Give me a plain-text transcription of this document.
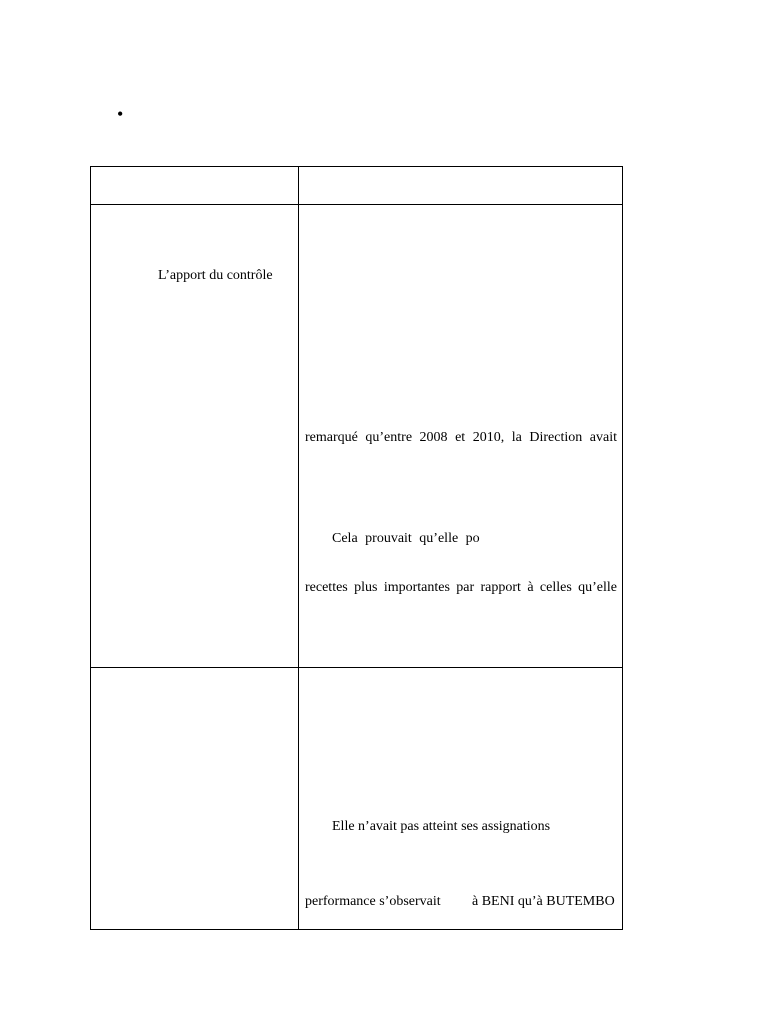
•
L’apport du contrôle
remarqué qu’entre 2008 et 2010, la Direction avait
Cela prouvait qu’elle po
recettes plus importantes par rapport à celles qu’elle
Elle n’avait pas atteint ses assignations
performance s’observait à BENI qu’à BUTEMBO
